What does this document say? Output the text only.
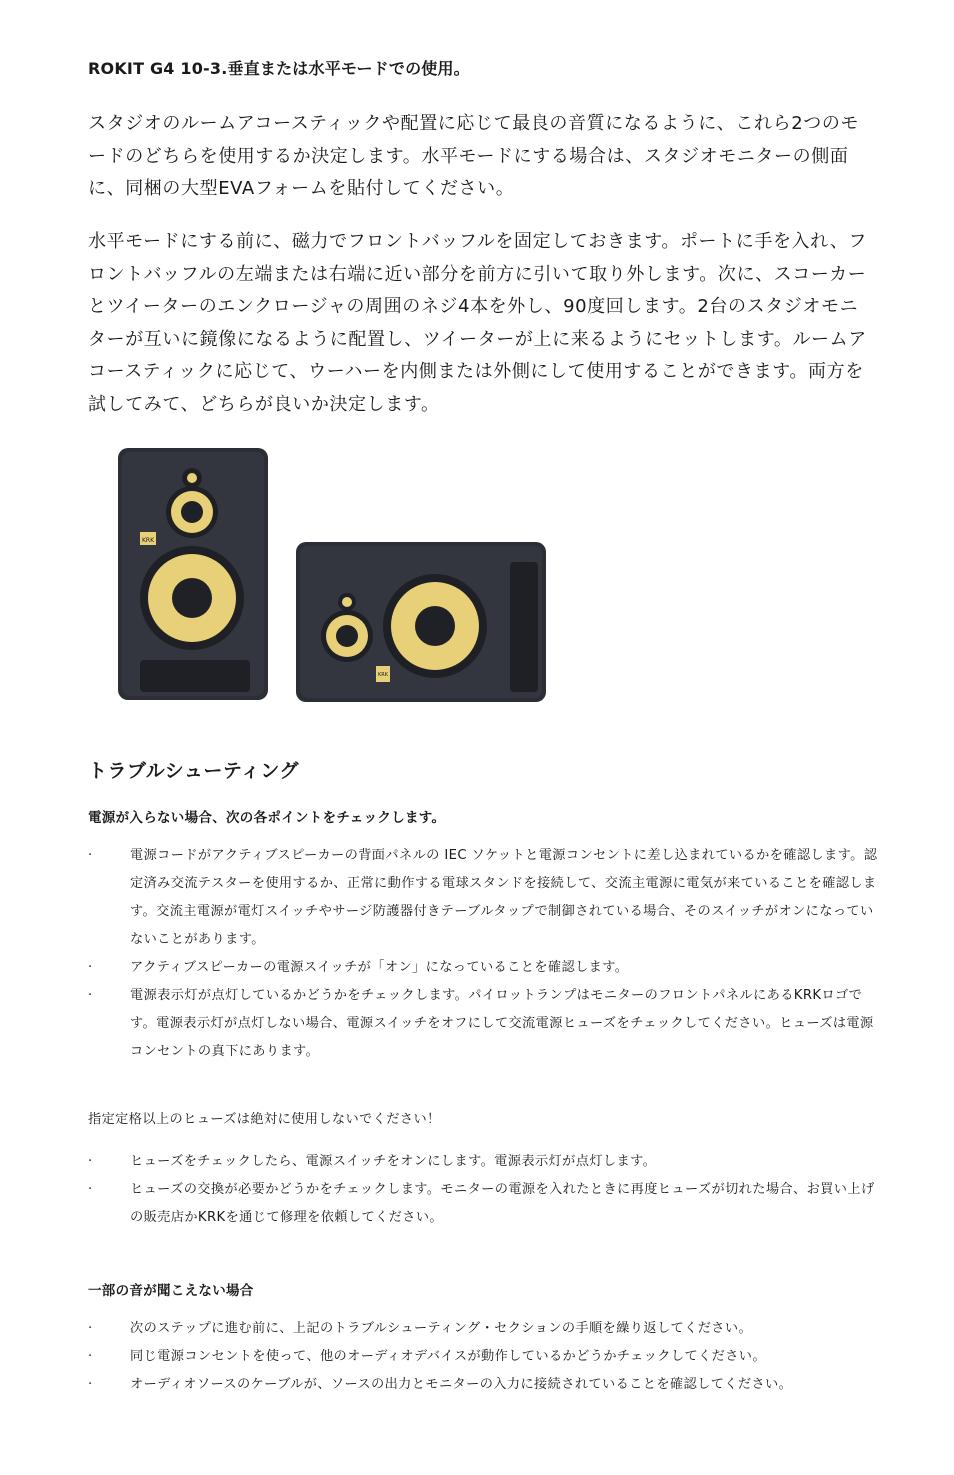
ROKIT G4 10-3.垂直または水平モードでの使用。
スタジオのルームアコースティックや配置に応じて最良の音質になるように、これら2つのモードのどちらを使用するか決定します。水平モードにする場合は、スタジオモニターの側面に、同梱の大型EVAフォームを貼付してください。
水平モードにする前に、磁力でフロントバッフルを固定しておきます。ポートに手を入れ、フロントバッフルの左端または右端に近い部分を前方に引いて取り外します。次に、スコーカーとツイーターのエンクロージャの周囲のネジ4本を外し、90度回します。2台のスタジオモニターが互いに鏡像になるように配置し、ツイーターが上に来るようにセットします。ルームアコースティックに応じて、ウーハーを内側または外側にして使用することができます。両方を試してみて、どちらが良いか決定します。
KRK
KRK
トラブルシューティング
電源が入らない場合、次の各ポイントをチェックします。
·	電源コードがアクティブスピーカーの背面パネルの IEC ソケットと電源コンセントに差し込まれているかを確認します。認定済み交流テスターを使用するか、正常に動作する電球スタンドを接続して、交流主電源に電気が来ていることを確認します。交流主電源が電灯スイッチやサージ防護器付きテーブルタップで制御されている場合、そのスイッチがオンになっていないことがあります。
·	アクティブスピーカーの電源スイッチが「オン」になっていることを確認します。
·	電源表示灯が点灯しているかどうかをチェックします。パイロットランプはモニターのフロントパネルにあるKRKロゴです。電源表示灯が点灯しない場合、電源スイッチをオフにして交流電源ヒューズをチェックしてください。ヒューズは電源コンセントの真下にあります。
指定定格以上のヒューズは絶対に使用しないでください！
·	ヒューズをチェックしたら、電源スイッチをオンにします。電源表示灯が点灯します。
·	ヒューズの交換が必要かどうかをチェックします。モニターの電源を入れたときに再度ヒューズが切れた場合、お買い上げの販売店かKRKを通じて修理を依頼してください。
一部の音が聞こえない場合
·	次のステップに進む前に、上記のトラブルシューティング・セクションの手順を繰り返してください。
·	同じ電源コンセントを使って、他のオーディオデバイスが動作しているかどうかチェックしてください。
·	オーディオソースのケーブルが、ソースの出力とモニターの入力に接続されていることを確認してください。
